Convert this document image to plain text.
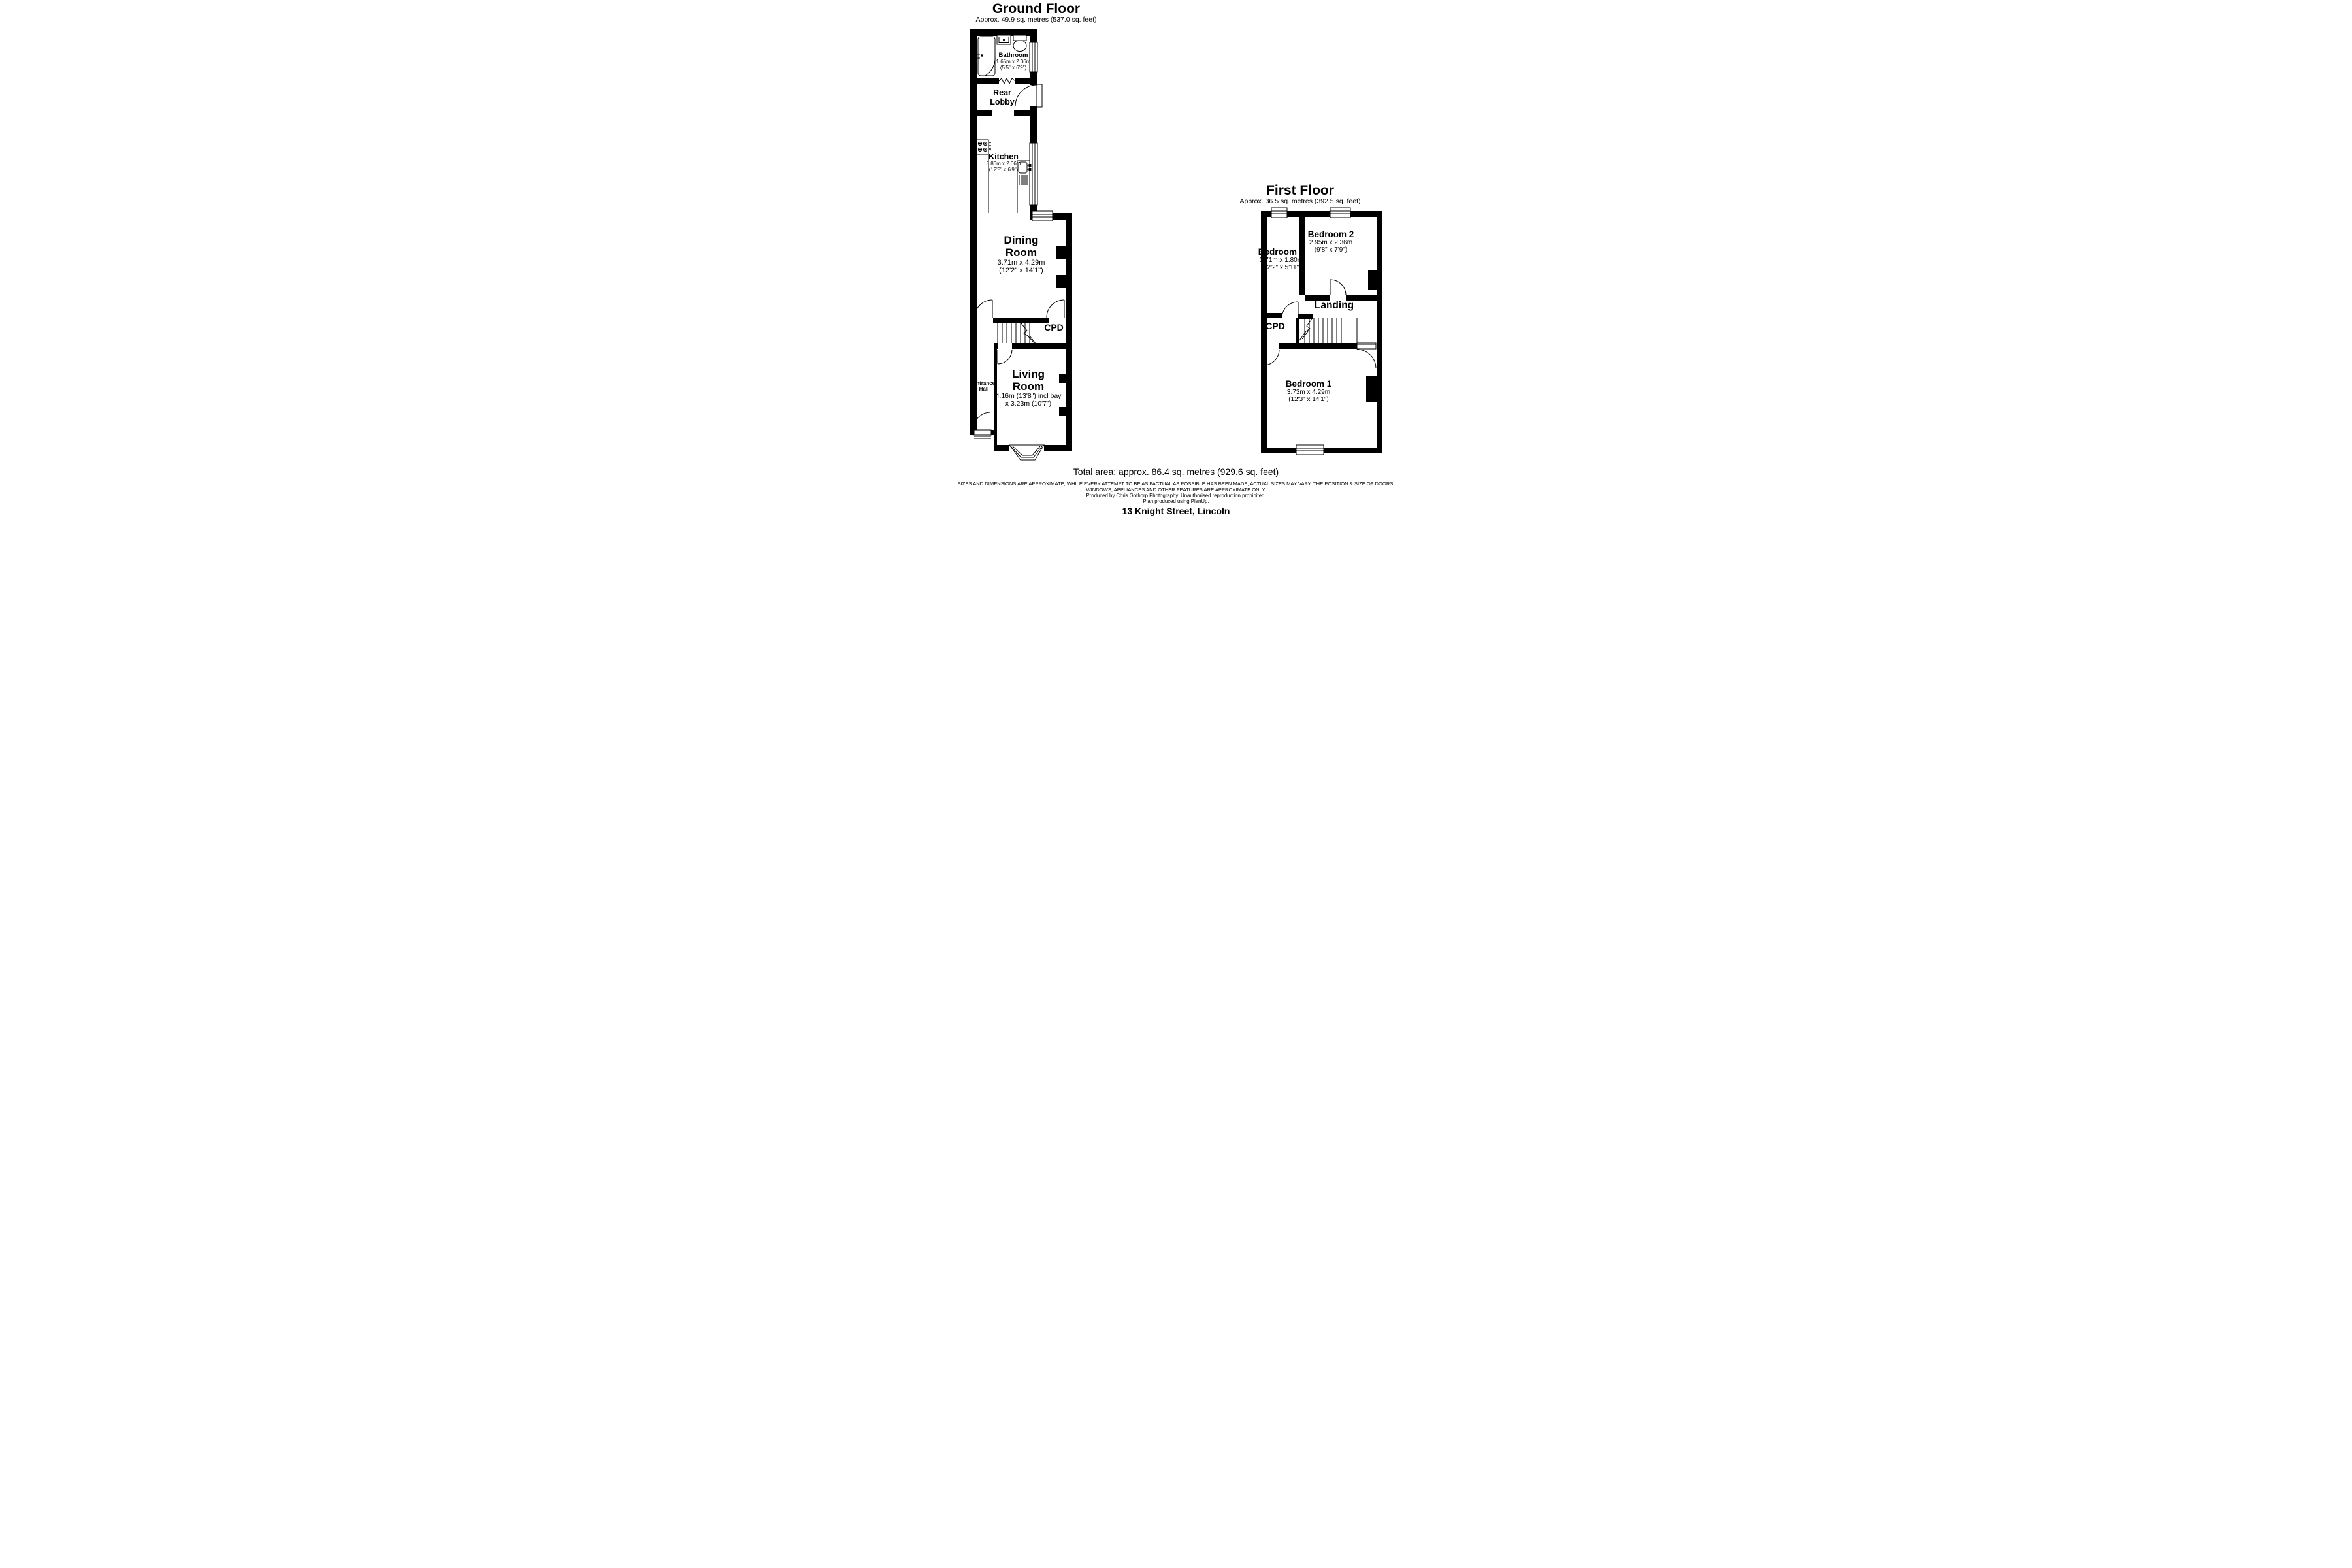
Ground Floor
Approx. 49.9 sq. metres (537.0 sq. feet)
Bathroom
1.65m x 2.06m
(5'5" x 6'9")
Rear Lobby
Kitchen
3.86m x 2.06m
(12'8" x 6'9")
Dining Room
3.71m x 4.29m
(12'2" x 14'1")
CPD
Living Room
4.16m (13'8") incl bay
x 3.23m (10'7")
Entrance Hall
First Floor
Approx. 36.5 sq. metres (392.5 sq. feet)
Bedroom 3
3.71m x 1.80m
(12'2" x 5'11")
Bedroom 2
2.95m x 2.36m
(9'8" x 7'9")
Landing
CPD
Bedroom 1
3.73m x 4.29m
(12'3" x 14'1")
Total area: approx. 86.4 sq. metres (929.6 sq. feet)
SIZES AND DIMENSIONS ARE APPROXIMATE, WHILE EVERY ATTEMPT TO BE AS FACTUAL AS POSSIBLE HAS BEEN MADE, ACTUAL SIZES MAY VARY. THE POSITION & SIZE OF DOORS,
WINDOWS, APPLIANCES AND OTHER FEATURES ARE APPROXIMATE ONLY.
Produced by Chris Gothorp Photography. Unauthorised reproduction prohibited.
Plan produced using PlanUp.
13 Knight Street, Lincoln
